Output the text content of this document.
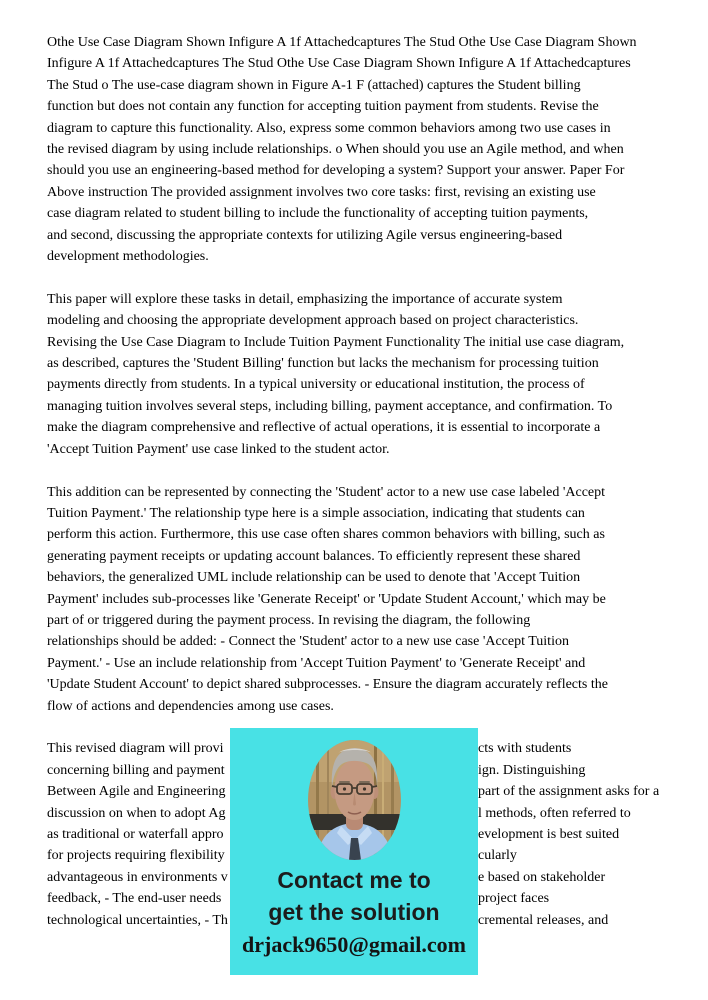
Othe Use Case Diagram Shown Infigure A 1f Attachedcaptures The Stud Othe Use Case Diagram Shown
Infigure A 1f Attachedcaptures The Stud Othe Use Case Diagram Shown Infigure A 1f Attachedcaptures
The Stud o The use-case diagram shown in Figure A-1 F (attached) captures the Student billing
function but does not contain any function for accepting tuition payment from students. Revise the
diagram to capture this functionality. Also, express some common behaviors among two use cases in
the revised diagram by using include relationships. o When should you use an Agile method, and when
should you use an engineering-based method for developing a system? Support your answer. Paper For
Above instruction The provided assignment involves two core tasks: first, revising an existing use
case diagram related to student billing to include the functionality of accepting tuition payments,
and second, discussing the appropriate contexts for utilizing Agile versus engineering-based
development methodologies.
This paper will explore these tasks in detail, emphasizing the importance of accurate system
modeling and choosing the appropriate development approach based on project characteristics.
Revising the Use Case Diagram to Include Tuition Payment Functionality The initial use case diagram,
as described, captures the 'Student Billing' function but lacks the mechanism for processing tuition
payments directly from students. In a typical university or educational institution, the process of
managing tuition involves several steps, including billing, payment acceptance, and confirmation. To
make the diagram comprehensive and reflective of actual operations, it is essential to incorporate a
'Accept Tuition Payment' use case linked to the student actor.
This addition can be represented by connecting the 'Student' actor to a new use case labeled 'Accept
Tuition Payment.' The relationship type here is a simple association, indicating that students can
perform this action. Furthermore, this use case often shares common behaviors with billing, such as
generating payment receipts or updating account balances. To efficiently represent these shared
behaviors, the generalized UML include relationship can be used to denote that 'Accept Tuition
Payment' includes sub-processes like 'Generate Receipt' or 'Update Student Account,' which may be
part of or triggered during the payment process. In revising the diagram, the following
relationships should be added: - Connect the 'Student' actor to a new use case 'Accept Tuition
Payment.' - Use an include relationship from 'Accept Tuition Payment' to 'Generate Receipt' and
'Update Student Account' to depict shared subprocesses. - Ensure the diagram accurately reflects the
flow of actions and dependencies among use cases.
This revised diagram will provi	cts with students
concerning billing and payment	ign. Distinguishing
Between Agile and Engineering	part of the assignment asks for a
discussion on when to adopt Ag	l methods, often referred to
as traditional or waterfall appro	evelopment is best suited
for projects requiring flexibility	cularly
advantageous in environments v	e based on stakeholder
feedback, - The end-user needs	project faces
technological uncertainties, - Th	cremental releases, and
Contact me to
get the solution
drjack9650@gmail.com
